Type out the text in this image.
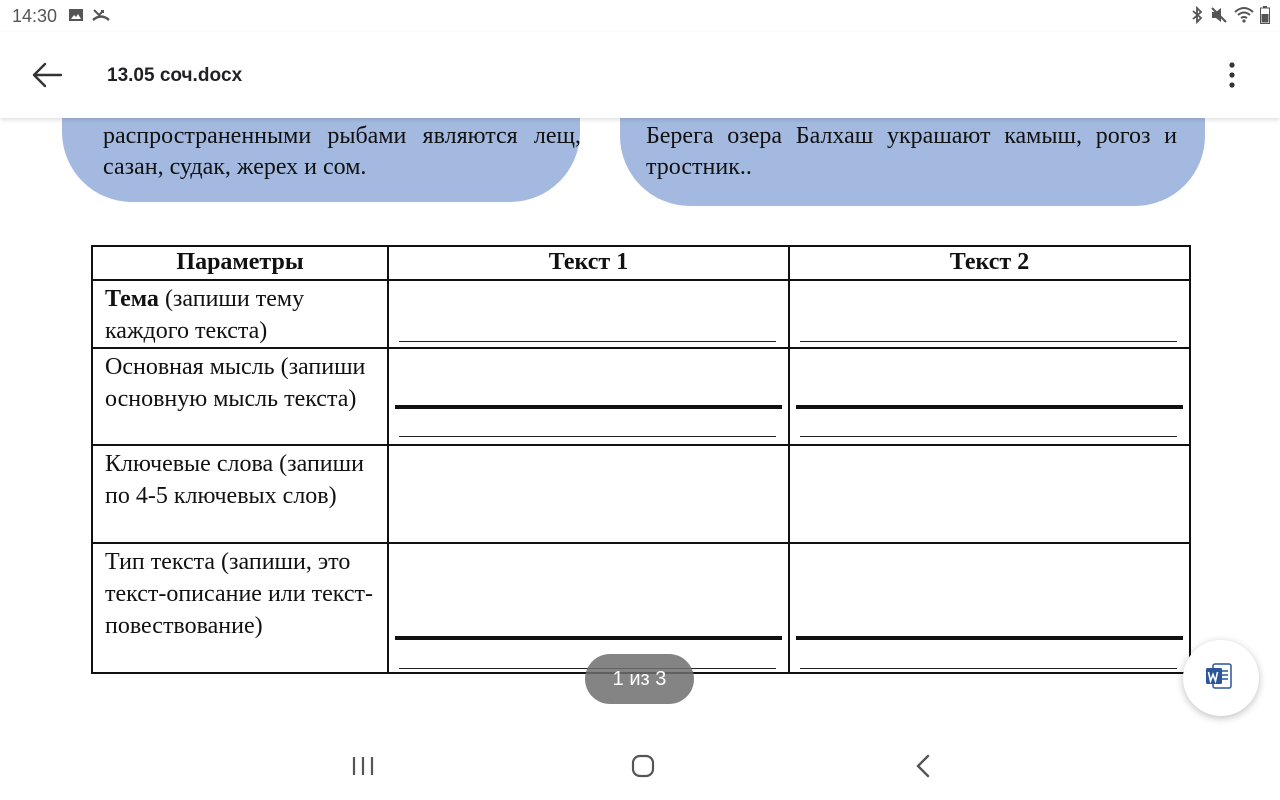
14:30
13.05 соч.docx

распространенными рыбами являются лещ, сазан, судак, жерех и сом.

Берега озера Балхаш украшают камыш, рогоз и тростник..

Параметры	Текст 1	Текст 2
Тема (запиши тему каждого текста)	

Основная мысль (запиши основную мысль текста)	

Ключевые слова (запиши по 4-5 ключевых слов)		
Тип текста (запиши, это текст-описание или текст-повествование)	

1 из 3
